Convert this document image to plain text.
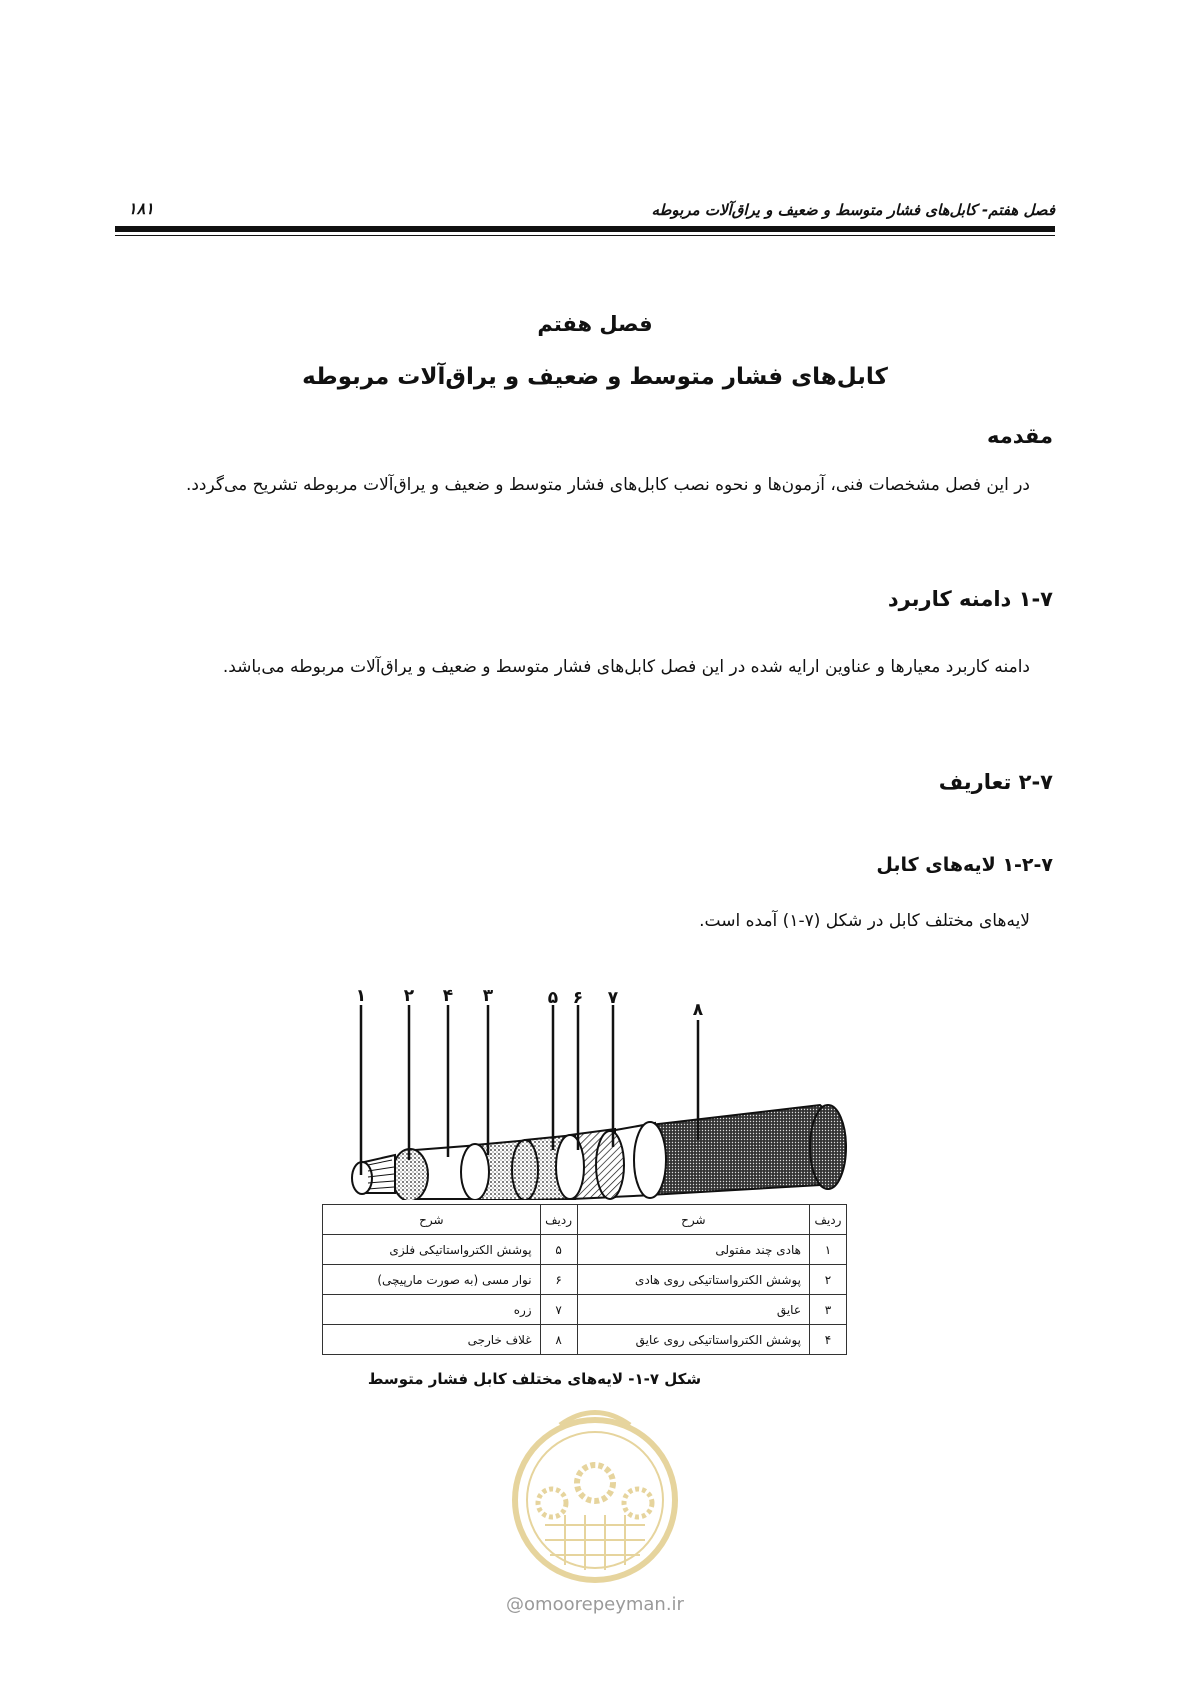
فصل هفتم- کابل‌های فشار متوسط و ضعیف و یراق‌آلات مربوطه
۱۸۱
فصل هفتم
کابل‌های فشار متوسط و ضعیف و یراق‌آلات مربوطه
مقدمه
در این فصل مشخصات فنی، آزمون‌ها و نحوه نصب کابل‌های فشار متوسط و ضعیف و یراق‌آلات مربوطه تشریح می‌گردد.
۱-۷ دامنه کاربرد
دامنه کاربرد معیارها و عناوین ارایه شده در این فصل کابل‌های فشار متوسط و ضعیف و یراق‌آلات مربوطه می‌باشد.
۲-۷ تعاریف
۱-۲-۷ لایه‌های کابل
لایه‌های مختلف کابل در شکل (۷-۱) آمده است.
۱ ۲ ۴ ۳	۵ ۶ ۷
۸
ردیف	شرح	ردیف	شرح
۱	هادی چند مفتولی	۵	پوشش الکترواستاتیکی فلزی
۲	پوشش الکترواستاتیکی روی هادی	۶	نوار مسی (به صورت مارپیچی)
۳	عایق	۷	زره
۴	پوشش الکترواستاتیکی روی عایق	۸	غلاف خارجی
شکل ۷-۱- لایه‌های مختلف کابل فشار متوسط
@omoorepeyman.ir
